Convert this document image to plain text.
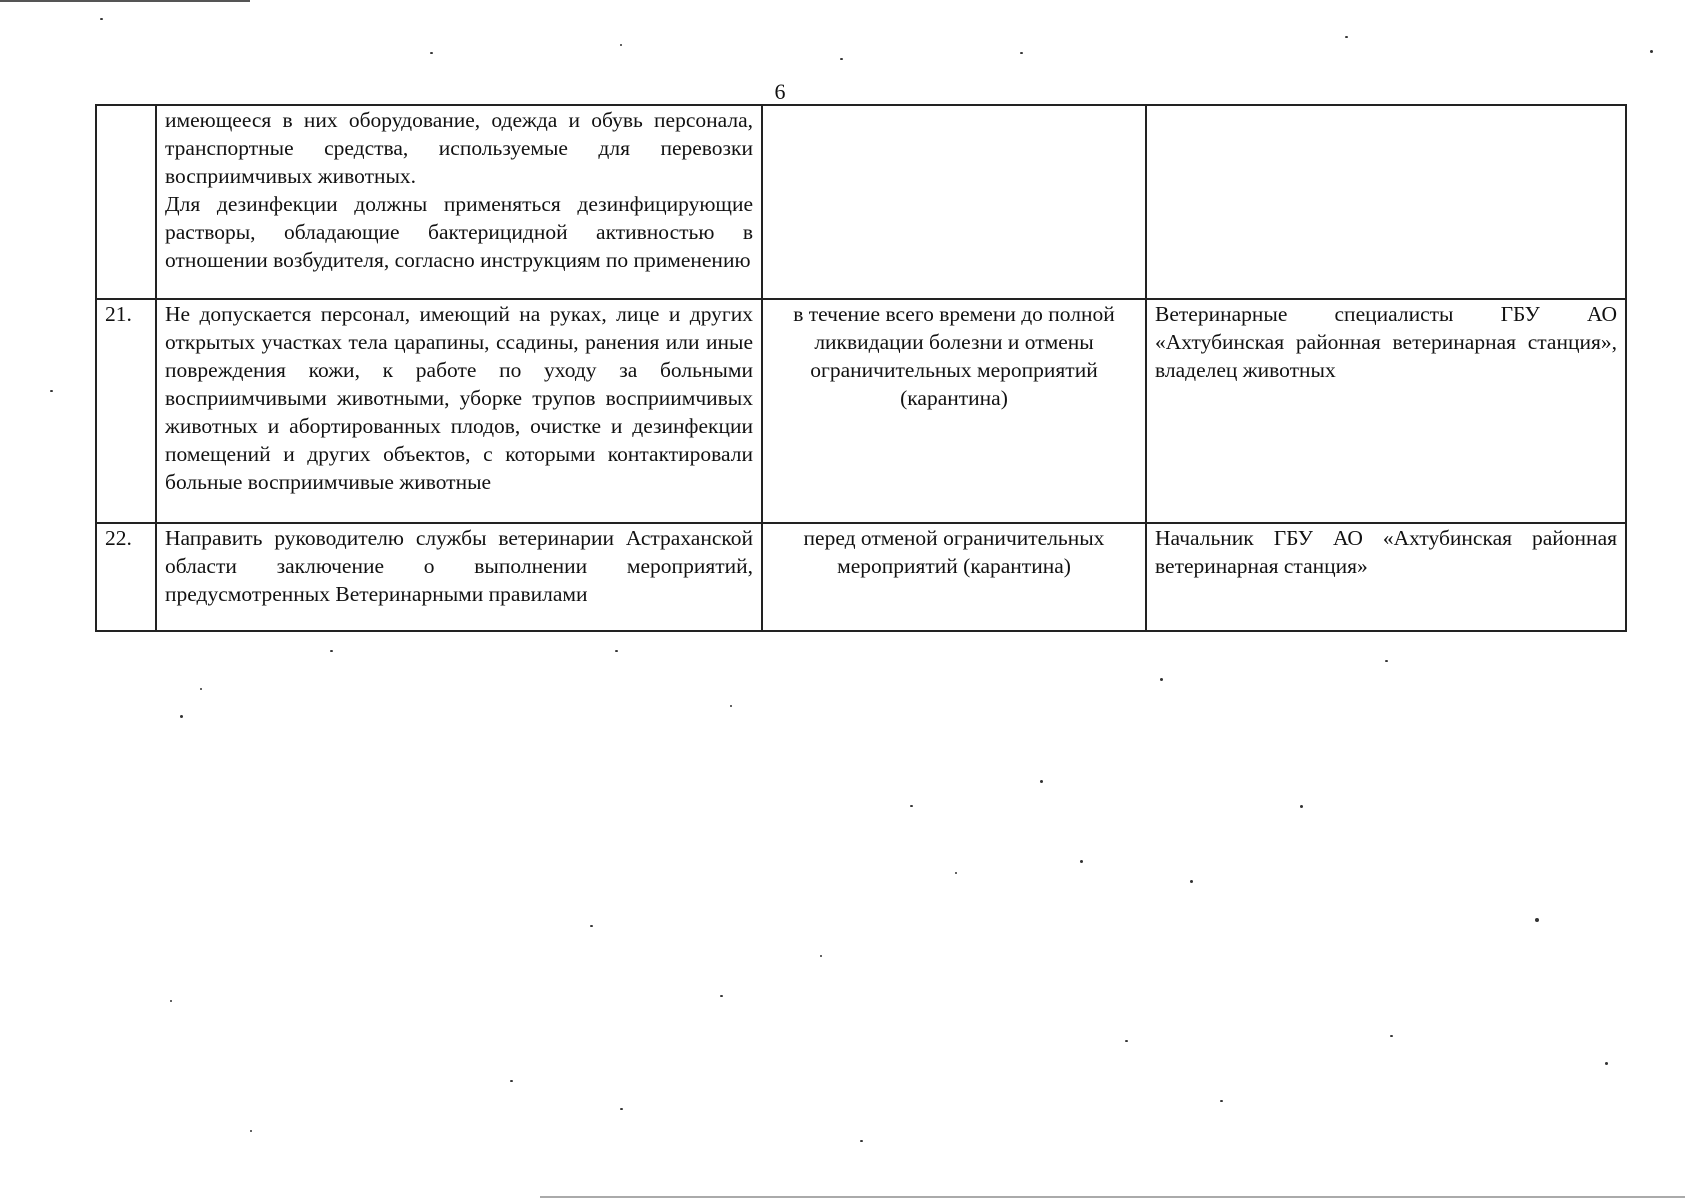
6

	имеющееся в них оборудование, одежда и обувь персонала, транспортные средства, используемые для перевозки восприимчивых животных.
Для дезинфекции должны применяться дезинфицирующие растворы, обладающие бактерицидной активностью в отношении возбудителя, согласно инструкциям по применению		

21.	Не допускается персонал, имеющий на руках, лице и других открытых участках тела царапины, ссадины, ранения или иные повреждения кожи, к работе по уходу за больными восприимчивыми животными, уборке трупов восприимчивых животных и абортированных плодов, очистке и дезинфекции помещений и других объектов, с которыми контактировали больные восприимчивые животные	в течение всего времени до полной ликвидации болезни и отмены ограничительных мероприятий (карантина)	Ветеринарные специалисты ГБУ АО «Ахтубинская районная ветеринарная станция», владелец животных
22.	Направить руководителю службы ветеринарии Астраханской области заключение о выполнении мероприятий, предусмотренных Ветеринарными правилами	перед отменой ограничительных мероприятий (карантина)	Начальник ГБУ АО «Ахтубинская районная ветеринарная станция»
